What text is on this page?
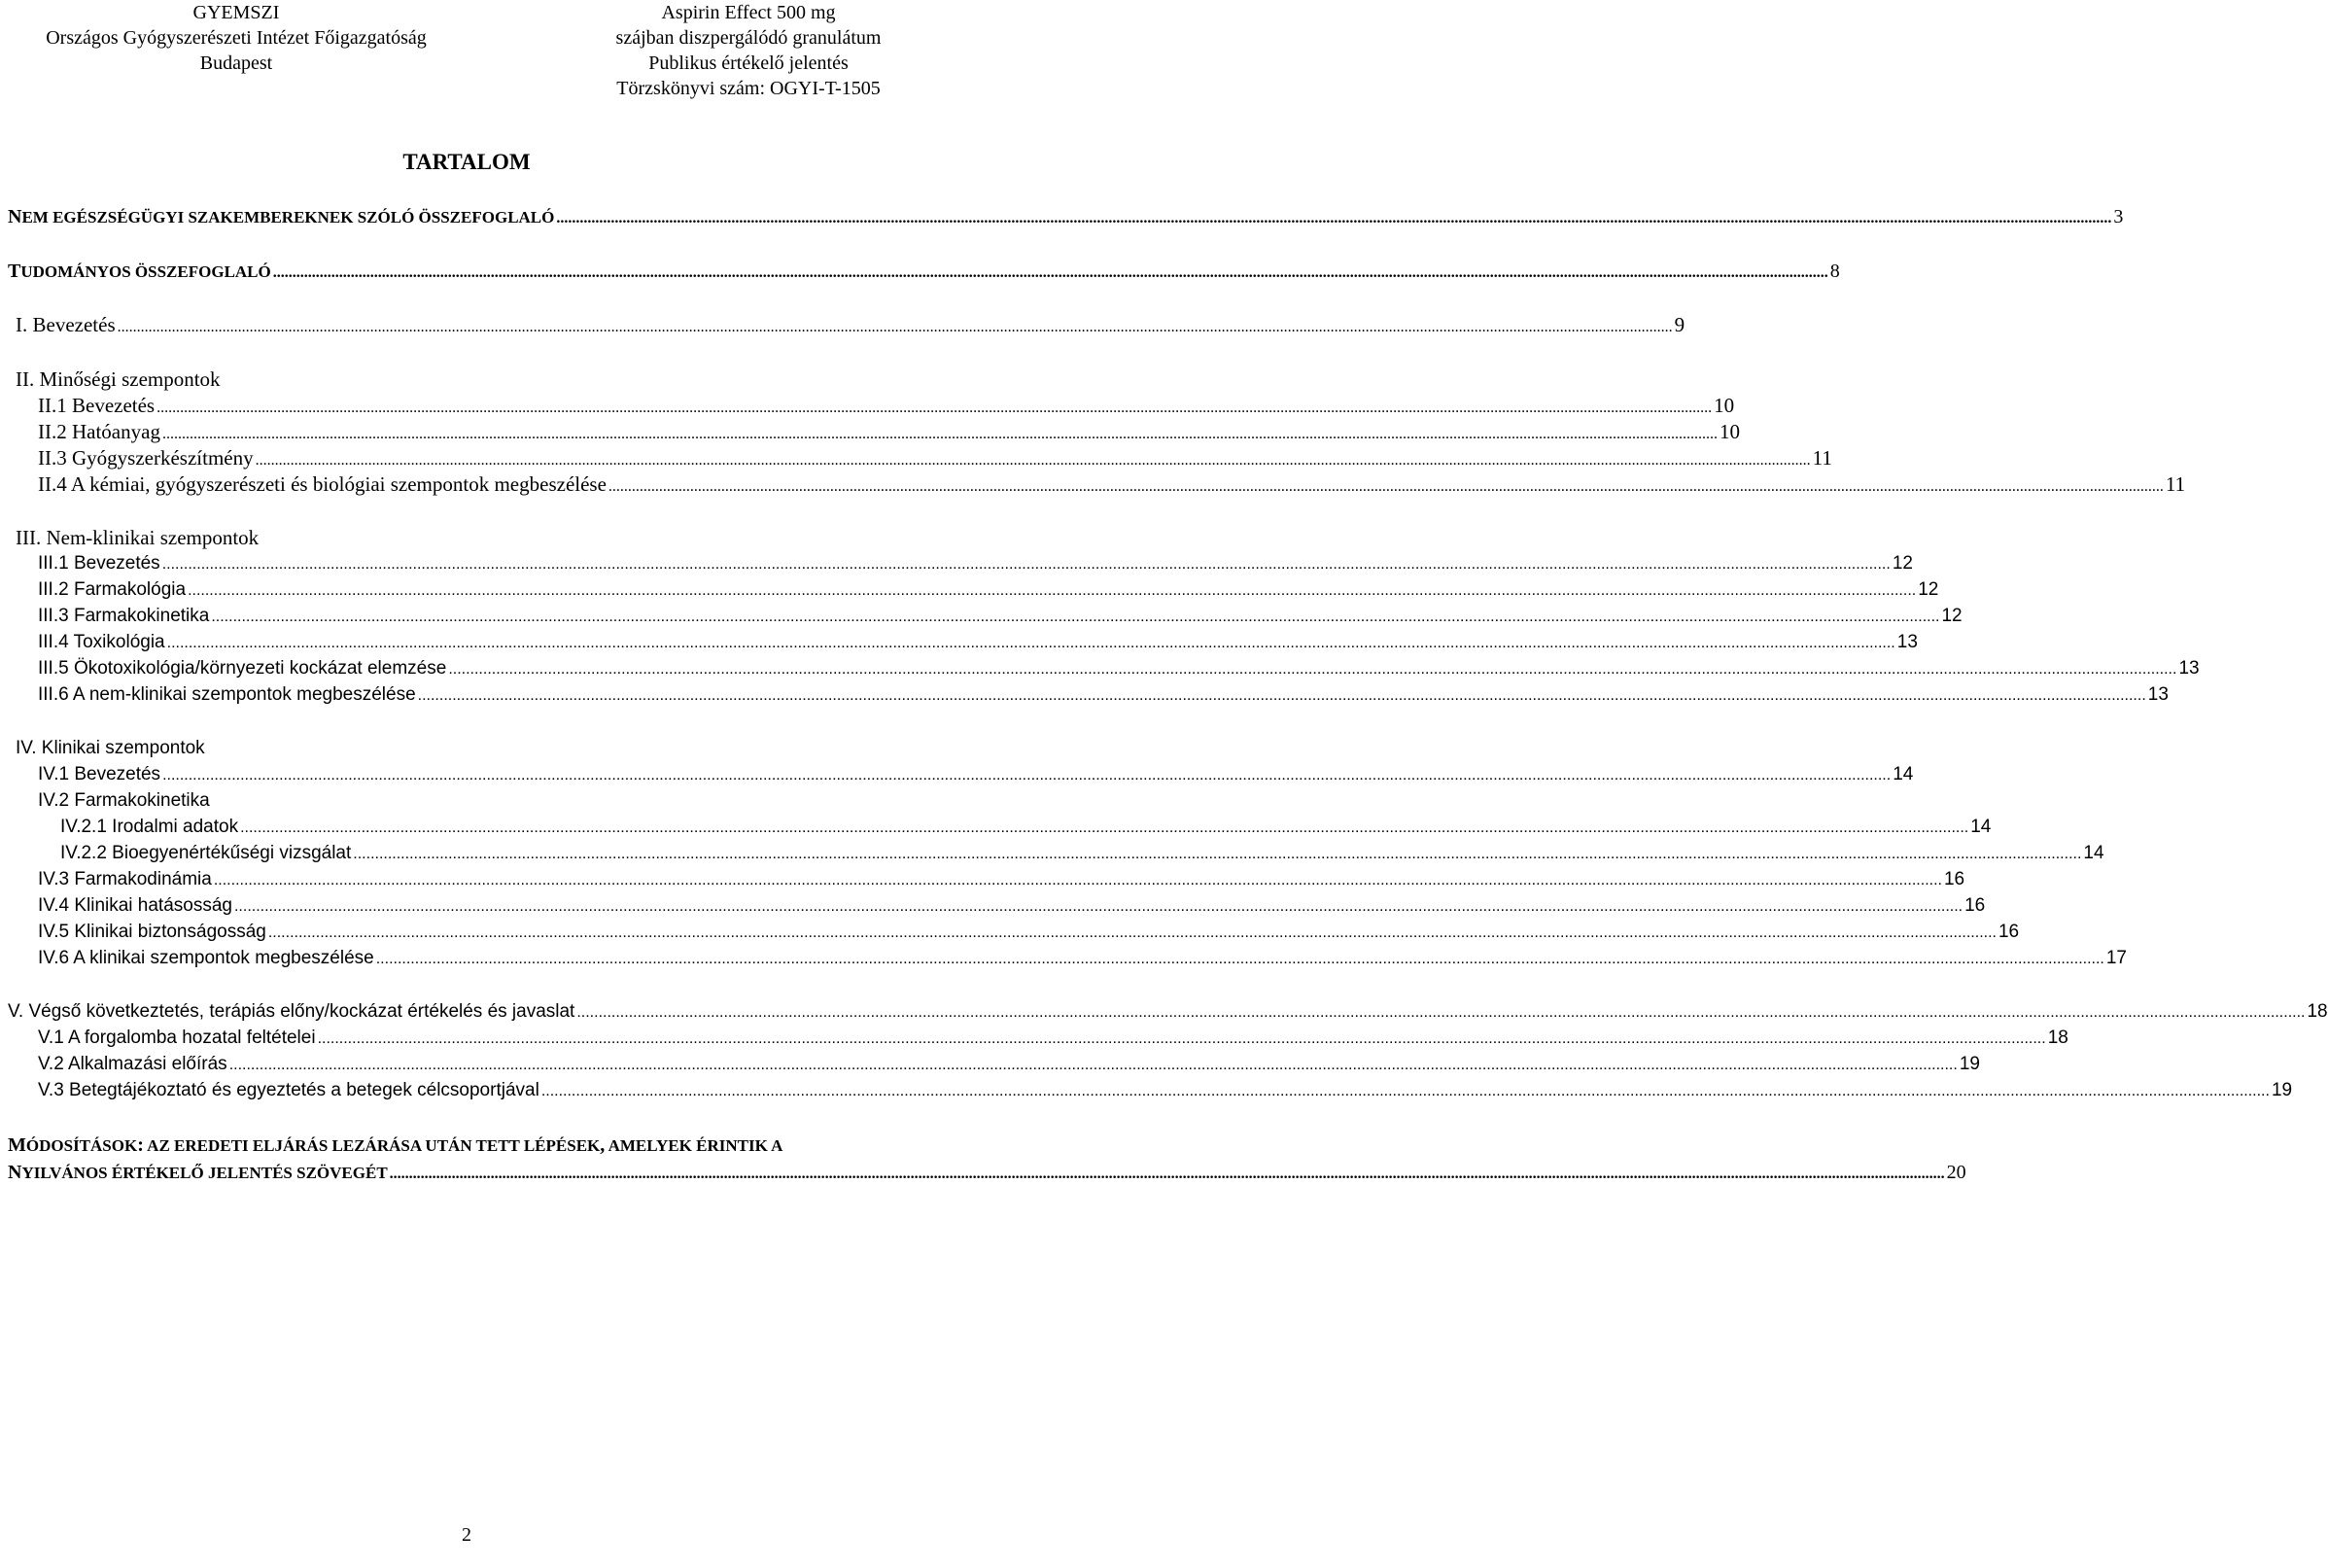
GYEMSZI
Országos Gyógyszerészeti Intézet Főigazgatóság
Budapest
Aspirin Effect 500 mg
szájban diszpergálódó granulátum
Publikus értékelő jelentés
Törzskönyvi szám: OGYI-T-1505
TARTALOM
NEM EGÉSZSÉGÜGYI SZAKEMBEREKNEK SZÓLÓ ÖSSZEFOGLALÓ ................................................................................................................................................................................................................................................................................................................................................................................................................ 3
TUDOMÁNYOS ÖSSZEFOGLALÓ ................................................................................................................................................................................................................................................................................................................................................................................................................ 8
I. Bevezetés ................................................................................................................................................................................................................................................................................................................................................................................................................ 9
II. Minőségi szempontok
II.1 Bevezetés ................................................................................................................................................................................................................................................................................................................................................................................................................ 10
II.2 Hatóanyag ................................................................................................................................................................................................................................................................................................................................................................................................................ 10
II.3 Gyógyszerkészítmény ................................................................................................................................................................................................................................................................................................................................................................................................................ 11
II.4 A kémiai, gyógyszerészeti és biológiai szempontok megbeszélése ................................................................................................................................................................................................................................................................................................................................................................................................................ 11
III. Nem-klinikai szempontok
III.1 Bevezetés ................................................................................................................................................................................................................................................................................................................................................................................................................ 12
III.2 Farmakológia ................................................................................................................................................................................................................................................................................................................................................................................................................ 12
III.3 Farmakokinetika ................................................................................................................................................................................................................................................................................................................................................................................................................ 12
III.4 Toxikológia ................................................................................................................................................................................................................................................................................................................................................................................................................ 13
III.5 Ökotoxikológia/környezeti kockázat elemzése ................................................................................................................................................................................................................................................................................................................................................................................................................ 13
III.6 A nem-klinikai szempontok megbeszélése ................................................................................................................................................................................................................................................................................................................................................................................................................ 13
IV. Klinikai szempontok
IV.1 Bevezetés ................................................................................................................................................................................................................................................................................................................................................................................................................ 14
IV.2 Farmakokinetika
IV.2.1 Irodalmi adatok ................................................................................................................................................................................................................................................................................................................................................................................................................ 14
IV.2.2 Bioegyenértékűségi vizsgálat ................................................................................................................................................................................................................................................................................................................................................................................................................ 14
IV.3 Farmakodinámia ................................................................................................................................................................................................................................................................................................................................................................................................................ 16
IV.4 Klinikai hatásosság ................................................................................................................................................................................................................................................................................................................................................................................................................ 16
IV.5 Klinikai biztonságosság ................................................................................................................................................................................................................................................................................................................................................................................................................ 16
IV.6 A klinikai szempontok megbeszélése ................................................................................................................................................................................................................................................................................................................................................................................................................ 17
V. Végső következtetés, terápiás előny/kockázat értékelés és javaslat ................................................................................................................................................................................................................................................................................................................................................................................................................ 18
V.1 A forgalomba hozatal feltételei ................................................................................................................................................................................................................................................................................................................................................................................................................ 18
V.2 Alkalmazási előírás ................................................................................................................................................................................................................................................................................................................................................................................................................ 19
V.3 Betegtájékoztató és egyeztetés a betegek célcsoportjával ................................................................................................................................................................................................................................................................................................................................................................................................................ 19
MÓDOSÍTÁSOK: AZ EREDETI ELJÁRÁS LEZÁRÁSA UTÁN TETT LÉPÉSEK, AMELYEK ÉRINTIK A
NYILVÁNOS ÉRTÉKELŐ JELENTÉS SZÖVEGÉT ................................................................................................................................................................................................................................................................................................................................................................................................................ 20
2
